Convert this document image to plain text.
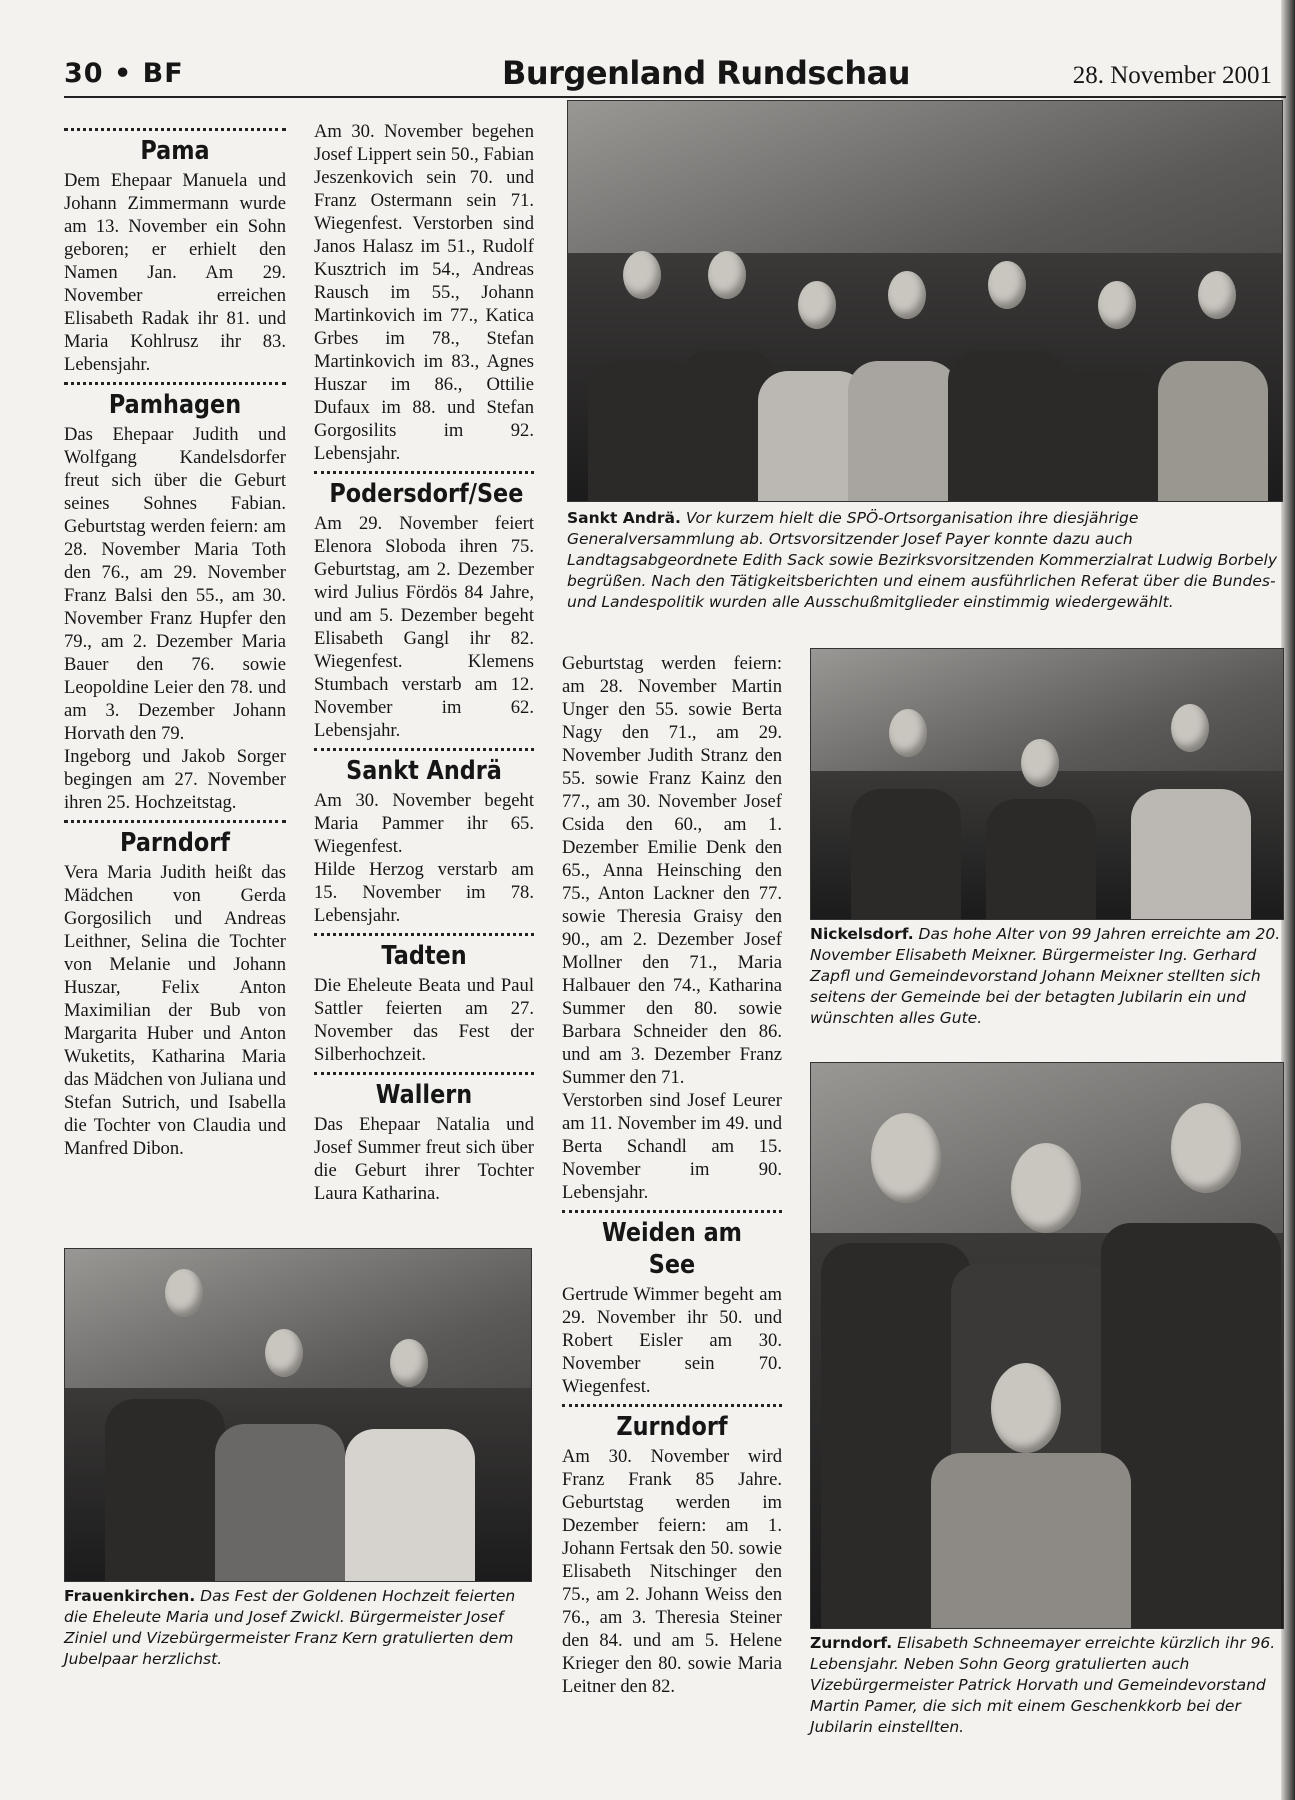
30 • BF	Burgenland Rundschau	28. November 2001
Pama

Dem Ehepaar Manuela und Johann Zimmermann wurde am 13. November ein Sohn geboren; er erhielt den Namen Jan. Am 29. November erreichen Elisabeth Radak ihr 81. und Maria Kohlrusz ihr 83. Lebensjahr.

Pamhagen

Das Ehepaar Judith und Wolfgang Kandelsdorfer freut sich über die Geburt seines Sohnes Fabian. Geburtstag werden feiern: am 28. November Maria Toth den 76., am 29. November Franz Balsi den 55., am 30. November Franz Hupfer den 79., am 2. Dezember Maria Bauer den 76. sowie Leopoldine Leier den 78. und am 3. Dezember Johann Horvath den 79.

Ingeborg und Jakob Sorger begingen am 27. November ihren 25. Hochzeitstag.

Parndorf

Vera Maria Judith heißt das Mädchen von Gerda Gorgosilich und Andreas Leithner, Selina die Tochter von Melanie und Johann Huszar, Felix Anton Maximilian der Bub von Margarita Huber und Anton Wuketits, Katharina Maria das Mädchen von Juliana und Stefan Sutrich, und Isabella die Tochter von Claudia und Manfred Dibon.

Am 30. November begehen Josef Lippert sein 50., Fabian Jeszenkovich sein 70. und Franz Ostermann sein 71. Wiegenfest. Verstorben sind Janos Halasz im 51., Rudolf Kusztrich im 54., Andreas Rausch im 55., Johann Martinkovich im 77., Katica Grbes im 78., Stefan Martinkovich im 83., Agnes Huszar im 86., Ottilie Dufaux im 88. und Stefan Gorgosilits im 92. Lebensjahr.

Podersdorf/See

Am 29. November feiert Elenora Sloboda ihren 75. Geburtstag, am 2. Dezember wird Julius Fördös 84 Jahre, und am 5. Dezember begeht Elisabeth Gangl ihr 82. Wiegenfest. Klemens Stumbach verstarb am 12. November im 62. Lebensjahr.

Sankt Andrä

Am 30. November begeht Maria Pammer ihr 65. Wiegenfest.

Hilde Herzog verstarb am 15. November im 78. Lebensjahr.

Tadten

Die Eheleute Beata und Paul Sattler feierten am 27. November das Fest der Silberhochzeit.

Wallern

Das Ehepaar Natalia und Josef Summer freut sich über die Geburt ihrer Tochter Laura Katharina.

Geburtstag werden feiern: am 28. November Martin Unger den 55. sowie Berta Nagy den 71., am 29. November Judith Stranz den 55. sowie Franz Kainz den 77., am 30. November Josef Csida den 60., am 1. Dezember Emilie Denk den 65., Anna Heinsching den 75., Anton Lackner den 77. sowie Theresia Graisy den 90., am 2. Dezember Josef Mollner den 71., Maria Halbauer den 74., Katharina Summer den 80. sowie Barbara Schneider den 86. und am 3. Dezember Franz Summer den 71.

Verstorben sind Josef Leurer am 11. November im 49. und Berta Schandl am 15. November im 90. Lebensjahr.

Weiden am See

Gertrude Wimmer begeht am 29. November ihr 50. und Robert Eisler am 30. November sein 70. Wiegenfest.

Zurndorf

Am 30. November wird Franz Frank 85 Jahre. Geburtstag werden im Dezember feiern: am 1. Johann Fertsak den 50. sowie Elisabeth Nitschinger den 75., am 2. Johann Weiss den 76., am 3. Theresia Steiner den 84. und am 5. Helene Krieger den 80. sowie Maria Leitner den 82.

Sankt Andrä. Vor kurzem hielt die SPÖ-Ortsorganisation ihre diesjährige Generalversammlung ab. Ortsvorsitzender Josef Payer konnte dazu auch Landtagsabgeordnete Edith Sack sowie Bezirksvorsitzenden Kommerzialrat Ludwig Borbely begrüßen. Nach den Tätigkeitsberichten und einem ausführlichen Referat über die Bundes- und Landespolitik wurden alle Ausschußmitglieder einstimmig wiedergewählt.
Nickelsdorf. Das hohe Alter von 99 Jahren erreichte am 20. November Elisabeth Meixner. Bürgermeister Ing. Gerhard Zapfl und Gemeindevorstand Johann Meixner stellten sich seitens der Gemeinde bei der betagten Jubilarin ein und wünschten alles Gute.
Frauenkirchen. Das Fest der Goldenen Hochzeit feierten die Eheleute Maria und Josef Zwickl. Bürgermeister Josef Ziniel und Vizebürgermeister Franz Kern gratulierten dem Jubelpaar herzlichst.
Zurndorf. Elisabeth Schneemayer erreichte kürzlich ihr 96. Lebensjahr. Neben Sohn Georg gratulierten auch Vizebürgermeister Patrick Horvath und Gemeindevorstand Martin Pamer, die sich mit einem Geschenkkorb bei der Jubilarin einstellten.
